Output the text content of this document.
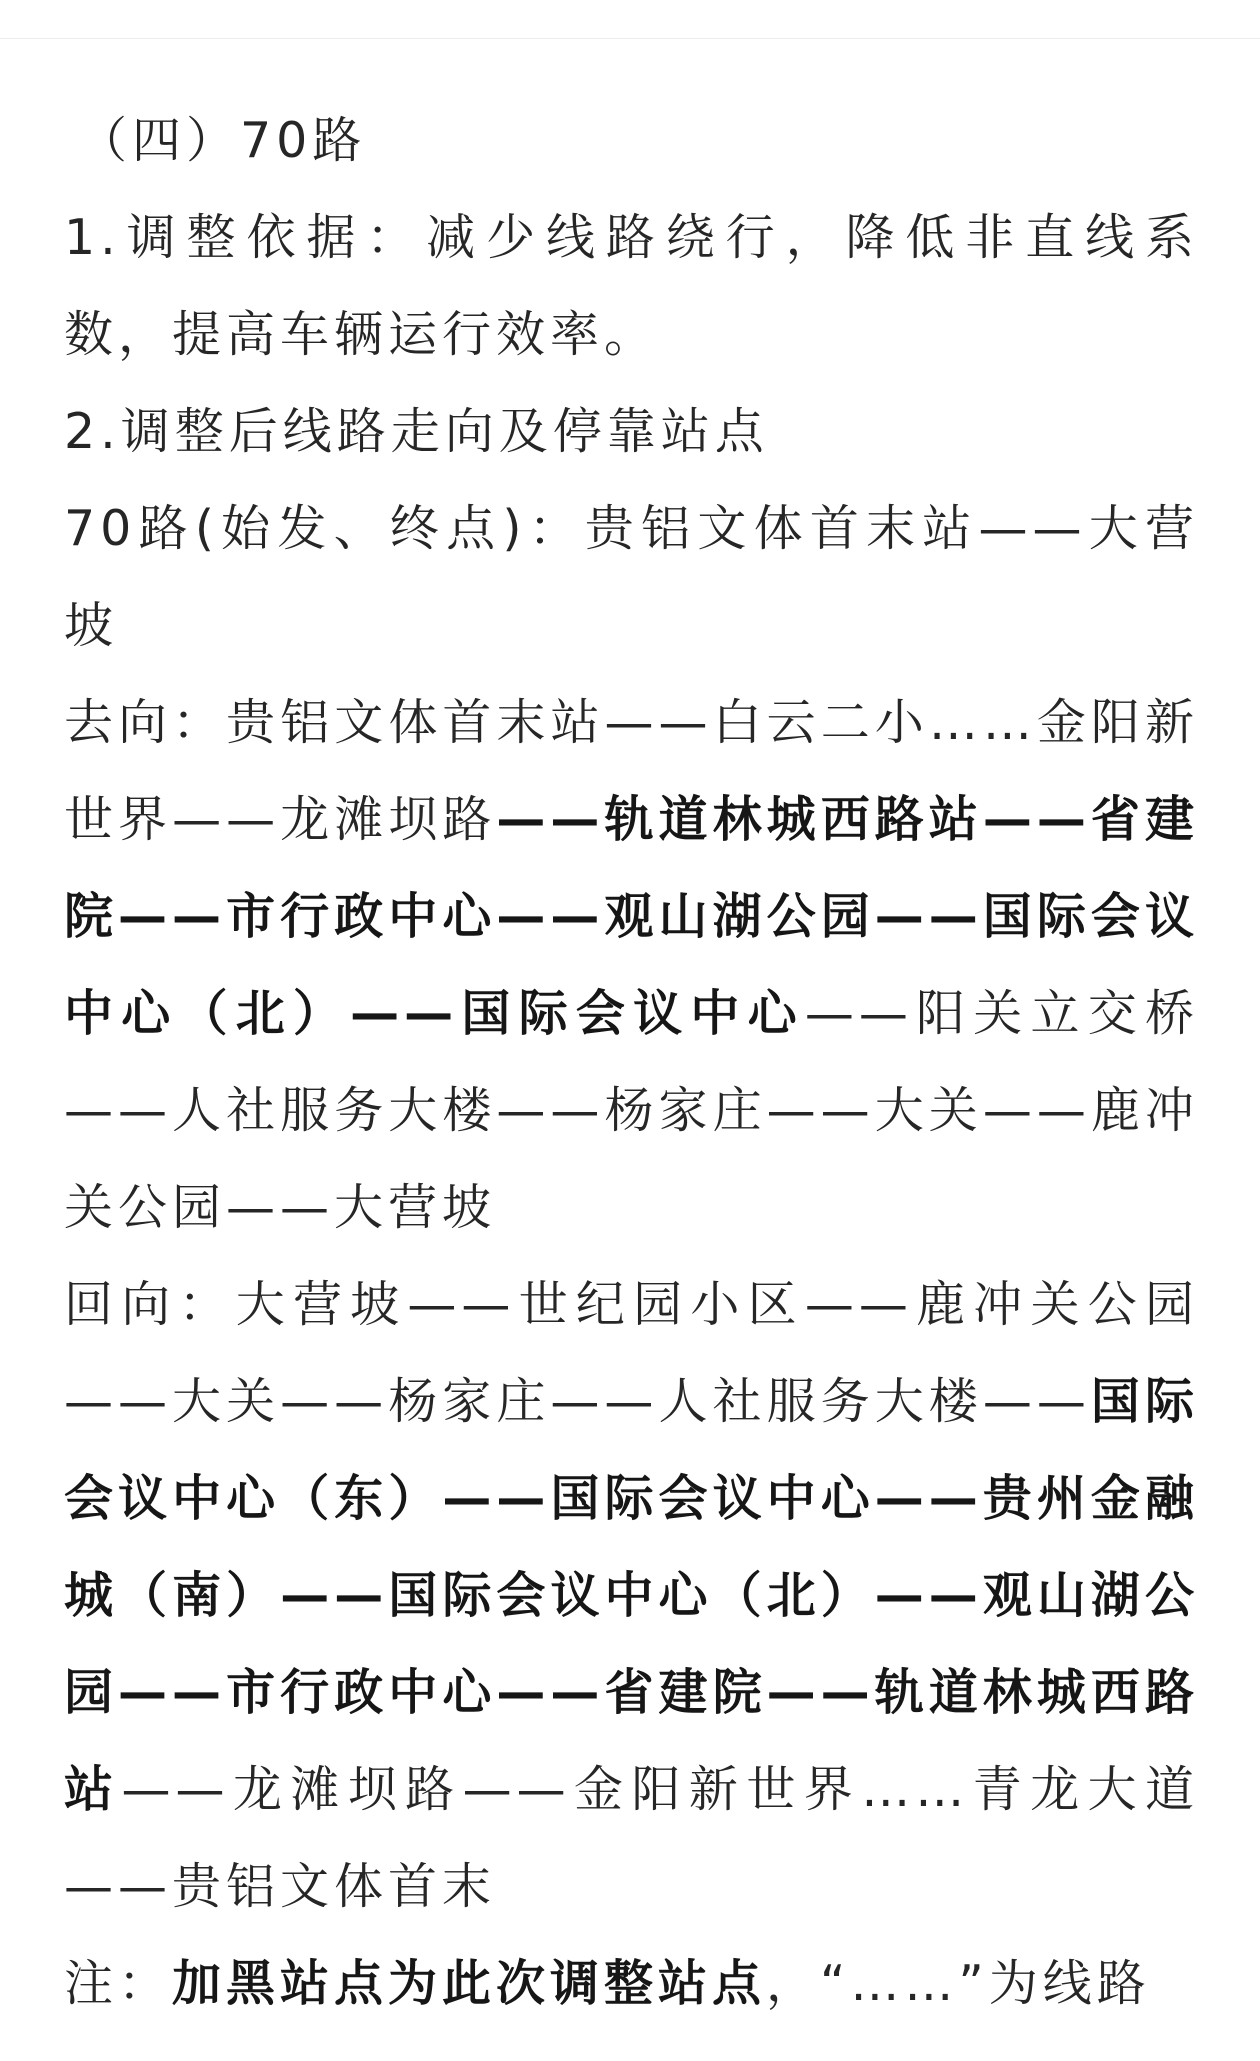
（四）70路

1.调整依据：减少线路绕行，降低非直线系数，提高车辆运行效率。

2.调整后线路走向及停靠站点

70路(始发、终点)：贵铝文体首末站——大营坡

去向：贵铝文体首末站——白云二小……金阳新世界——龙滩坝路——轨道林城西路站——省建院——市行政中心——观山湖公园——国际会议中心（北）——国际会议中心——阳关立交桥——人社服务大楼——杨家庄——大关——鹿冲关公园——大营坡

回向：大营坡——世纪园小区——鹿冲关公园——大关——杨家庄——人社服务大楼——国际会议中心（东）——国际会议中心——贵州金融城（南）——国际会议中心（北）——观山湖公园——市行政中心——省建院——轨道林城西路站——龙滩坝路——金阳新世界……青龙大道——贵铝文体首末

注：加黑站点为此次调整站点，“……”为线路
